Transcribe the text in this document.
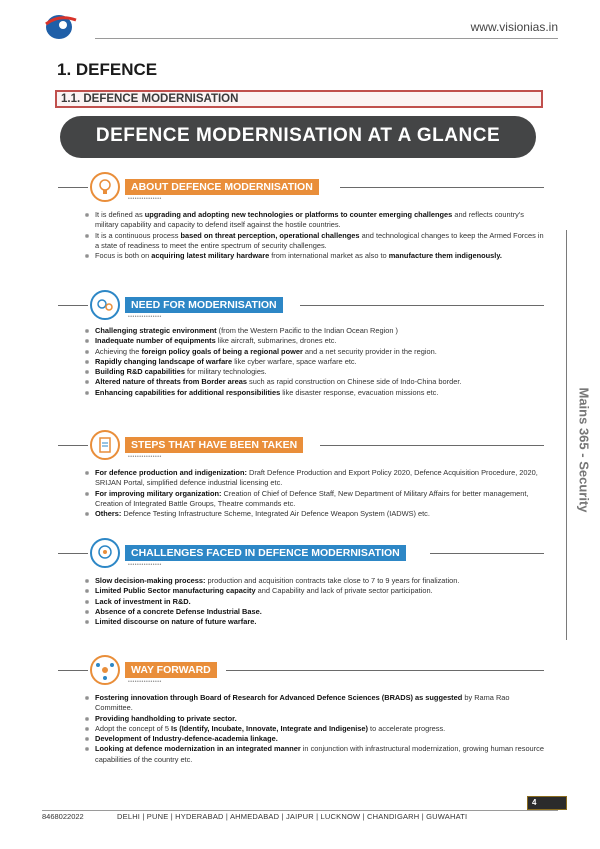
www.visionias.in
1. DEFENCE
1.1. DEFENCE MODERNISATION
DEFENCE MODERNISATION AT A GLANCE
ABOUT DEFENCE MODERNISATION
•••••••••••••••
It is defined as upgrading and adopting new technologies or platforms to counter emerging challenges and reflects country's military capability and capacity to defend itself against the hostile countries.
It is a continuous process based on threat perception, operational challenges and technological changes to keep the Armed Forces in a state of readiness to meet the entire spectrum of security challenges.
Focus is both on acquiring latest military hardware from international market as also to manufacture them indigenously.
NEED FOR MODERNISATION
•••••••••••••••
Challenging strategic environment (from the Western Pacific to the Indian Ocean Region )
Inadequate number of equipments like aircraft, submarines, drones etc.
Achieving the foreign policy goals of being a regional power and a net security provider in the region.
Rapidly changing landscape of warfare like cyber warfare, space warfare etc.
Building R&D capabilities for military technologies.
Altered nature of threats from Border areas such as rapid construction on Chinese side of Indo-China border.
Enhancing capabilities for additional responsibilities like disaster response, evacuation missions etc.
STEPS THAT HAVE BEEN TAKEN
•••••••••••••••
For defence production and indigenization: Draft Defence Production and Export Policy 2020, Defence Acquisition Procedure, 2020, SRIJAN Portal, simplified defence industrial licensing etc.
For improving military organization: Creation of Chief of Defence Staff, New Department of Military Affairs for better management, Creation of Integrated Battle Groups, Theatre commands etc.
Others: Defence Testing Infrastructure Scheme, Integrated Air Defence Weapon System (IADWS) etc.
CHALLENGES FACED IN DEFENCE MODERNISATION
•••••••••••••••
Slow decision-making process: production and acquisition contracts take close to 7 to 9 years for finalization.
Limited Public Sector manufacturing capacity and Capability and lack of private sector participation.
Lack of investment in R&D.
Absence of a concrete Defense Industrial Base.
Limited discourse on nature of future warfare.
WAY FORWARD
•••••••••••••••
Fostering innovation through Board of Research for Advanced Defence Sciences (BRADS) as suggested by Rama Rao Committee.
Providing handholding to private sector.
Adopt the concept of 5 Is (Identify, Incubate, Innovate, Integrate and Indigenise) to accelerate progress.
Development of Industry-defence-academia linkage.
Looking at defence modernization in an integrated manner in conjunction with infrastructural modernization, growing human resource capabilities of the country etc.
Mains 365 - Security
4
8468022022	DELHI | PUNE | HYDERABAD | AHMEDABAD | JAIPUR | LUCKNOW | CHANDIGARH | GUWAHATI
